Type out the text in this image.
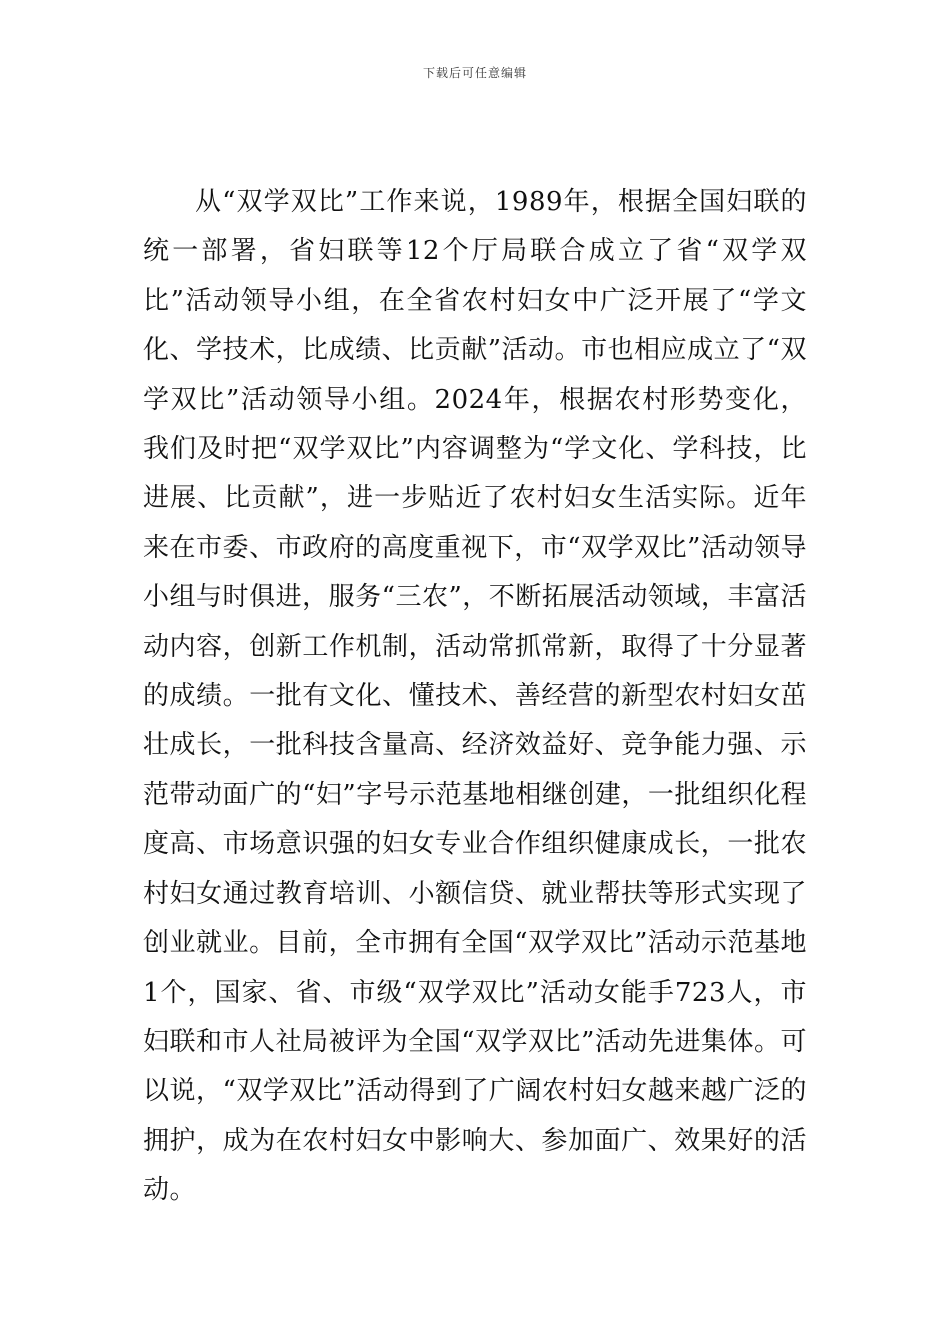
下载后可任意编辑

从“双学双比”工作来说，1989年，根据全国妇联的统一部署，省妇联等12个厅局联合成立了省“双学双比”活动领导小组，在全省农村妇女中广泛开展了“学文化、学技术，比成绩、比贡献”活动。市也相应成立了“双学双比”活动领导小组。2024年，根据农村形势变化，我们及时把“双学双比”内容调整为“学文化、学科技，比进展、比贡献”，进一步贴近了农村妇女生活实际。近年来在市委、市政府的高度重视下，市“双学双比”活动领导小组与时俱进，服务“三农”，不断拓展活动领域，丰富活动内容，创新工作机制，活动常抓常新，取得了十分显著的成绩。一批有文化、懂技术、善经营的新型农村妇女茁壮成长，一批科技含量高、经济效益好、竞争能力强、示范带动面广的“妇”字号示范基地相继创建，一批组织化程度高、市场意识强的妇女专业合作组织健康成长，一批农村妇女通过教育培训、小额信贷、就业帮扶等形式实现了创业就业。目前，全市拥有全国“双学双比”活动示范基地1个，国家、省、市级“双学双比”活动女能手723人，市妇联和市人社局被评为全国“双学双比”活动先进集体。可以说，“双学双比”活动得到了广阔农村妇女越来越广泛的拥护，成为在农村妇女中影响大、参加面广、效果好的活动。
